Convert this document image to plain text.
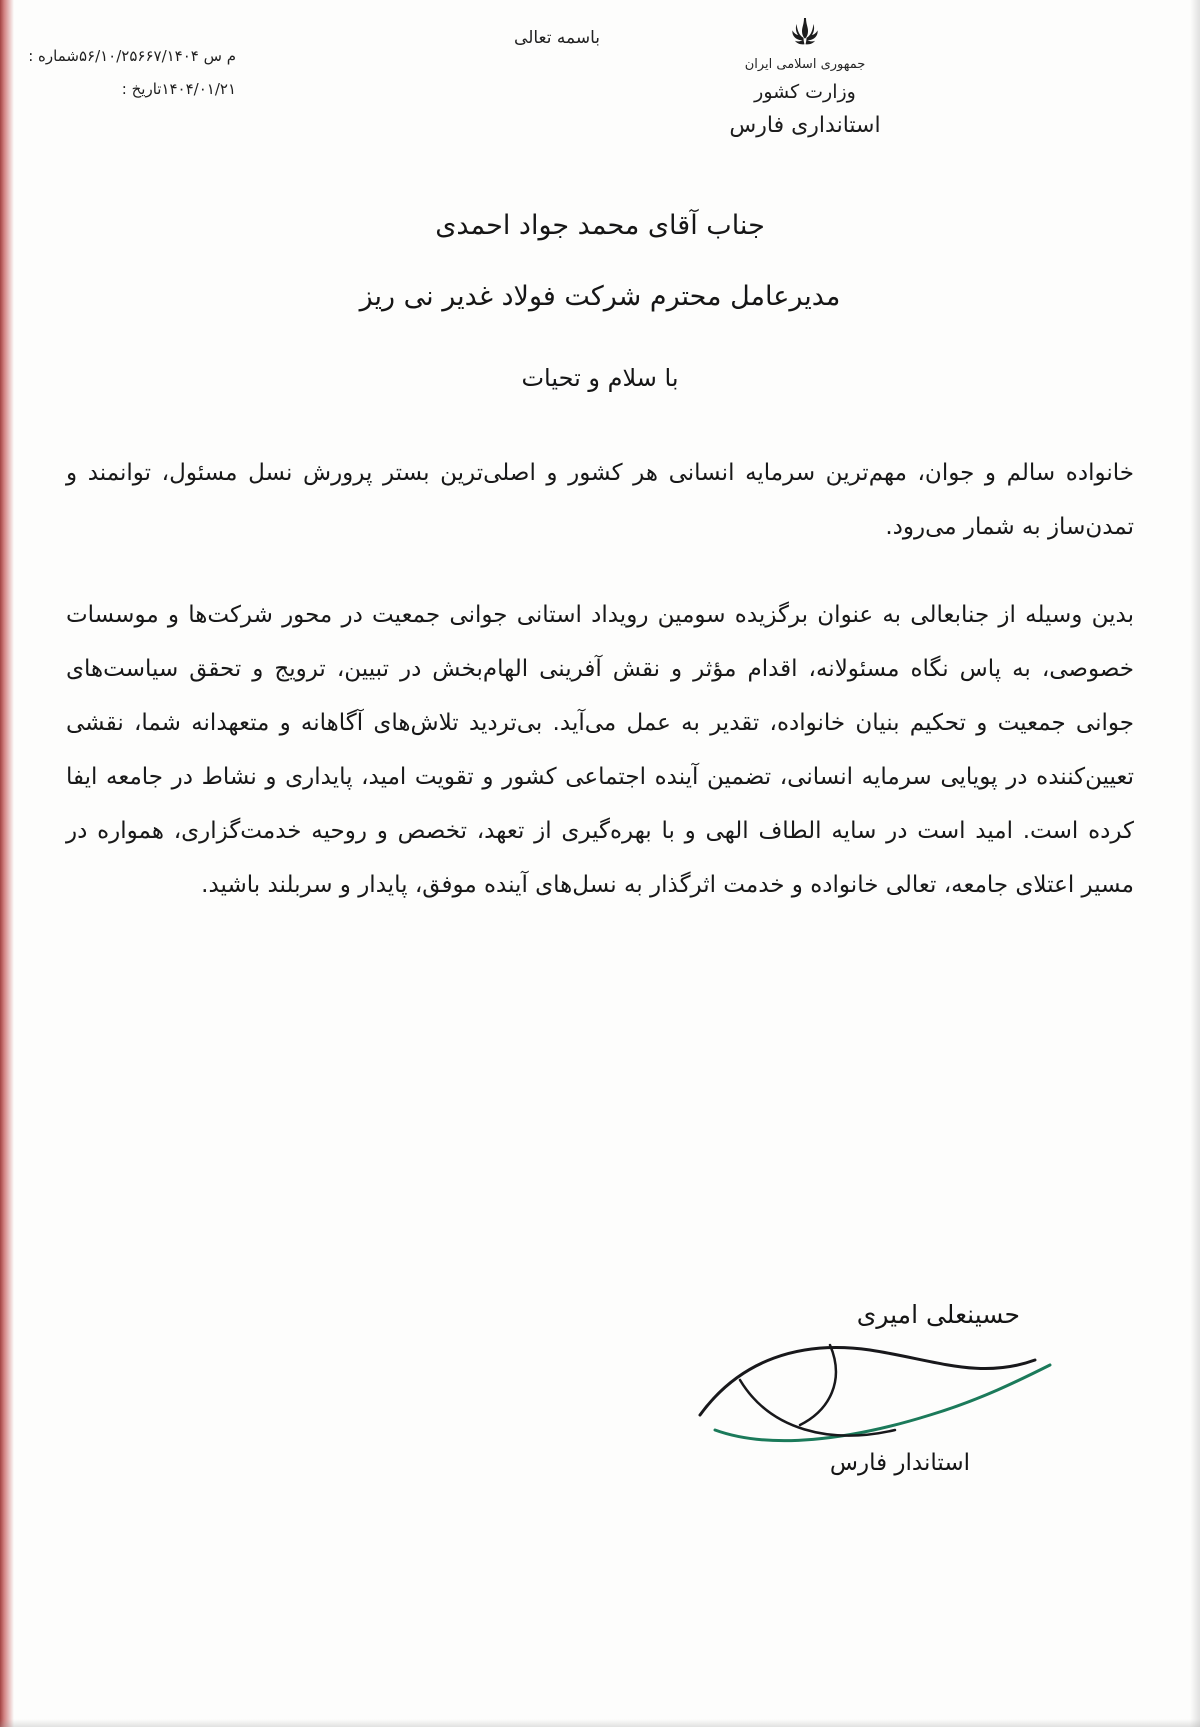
جمهوری اسلامی ایران
وزارت کشور
استانداری فارس
باسمه تعالی
۵۶/۱۰/۲۵۶۶۷/۱۴۰۴ م سشماره :
۱۴۰۴/۰۱/۲۱تاریخ :
جناب آقای محمد جواد احمدی
مدیرعامل محترم شرکت فولاد غدیر نی ریز
با سلام و تحیات

خانواده سالم و جوان، مهم‌ترین سرمایه انسانی هر کشور و اصلی‌ترین بستر پرورش نسل مسئول، توانمند و تمدن‌ساز به شمار می‌رود.

بدین وسیله از جنابعالی به عنوان برگزیده سومین رویداد استانی جوانی جمعیت در محور شرکت‌ها و موسسات خصوصی، به پاس نگاه مسئولانه، اقدام مؤثر و نقش آفرینی الهام‌بخش در تبیین، ترویج و تحقق سیاست‌های جوانی جمعیت و تحکیم بنیان خانواده، تقدیر به عمل می‌آید. بی‌تردید تلاش‌های آگاهانه و متعهدانه شما، نقشی تعیین‌کننده در پویایی سرمایه انسانی، تضمین آینده اجتماعی کشور و تقویت امید، پایداری و نشاط در جامعه ایفا کرده است. امید است در سایه الطاف الهی و با بهره‌گیری از تعهد، تخصص و روحیه خدمت‌گزاری، همواره در مسیر اعتلای جامعه، تعالی خانواده و خدمت اثرگذار به نسل‌های آینده موفق، پایدار و سربلند باشید.

حسینعلی امیری
استاندار فارس
